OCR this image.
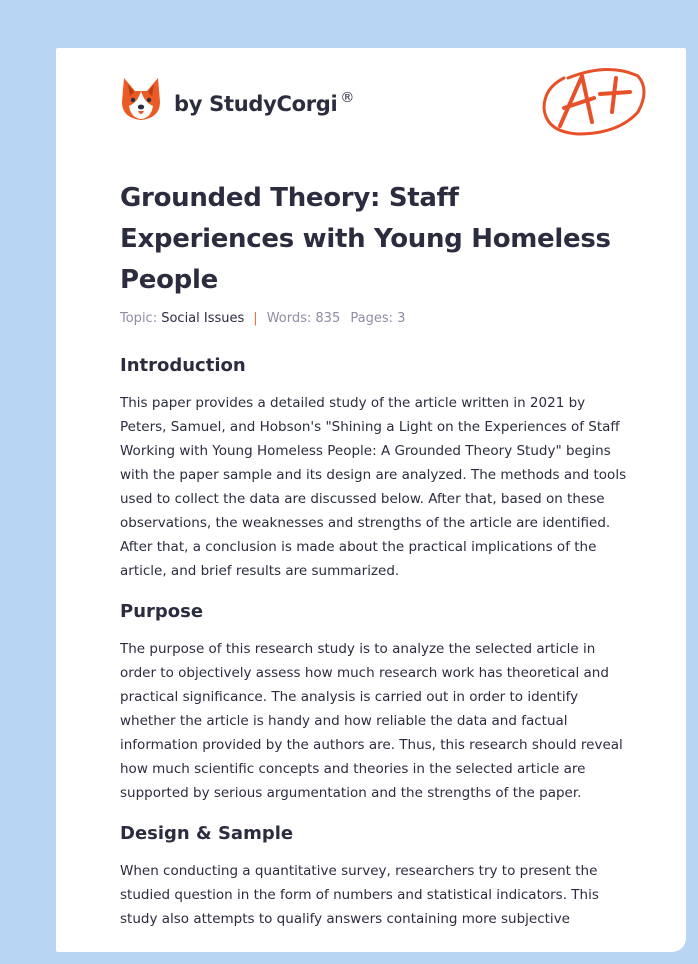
by StudyCorgi ®
Grounded Theory: Staff Experiences with Young Homeless People
Topic: Social Issues | Words: 835 Pages: 3
Introduction

This paper provides a detailed study of the article written in 2021 by Peters, Samuel, and Hobson's "Shining a Light on the Experiences of Staff Working with Young Homeless People: A Grounded Theory Study" begins with the paper sample and its design are analyzed. The methods and tools used to collect the data are discussed below. After that, based on these observations, the weaknesses and strengths of the article are identified. After that, a conclusion is made about the practical implications of the article, and brief results are summarized.

Purpose

The purpose of this research study is to analyze the selected article in order to objectively assess how much research work has theoretical and practical significance. The analysis is carried out in order to identify whether the article is handy and how reliable the data and factual information provided by the authors are. Thus, this research should reveal how much scientific concepts and theories in the selected article are supported by serious argumentation and the strengths of the paper.

Design & Sample

When conducting a quantitative survey, researchers try to present the studied question in the form of numbers and statistical indicators. This study also attempts to qualify answers containing more subjective
